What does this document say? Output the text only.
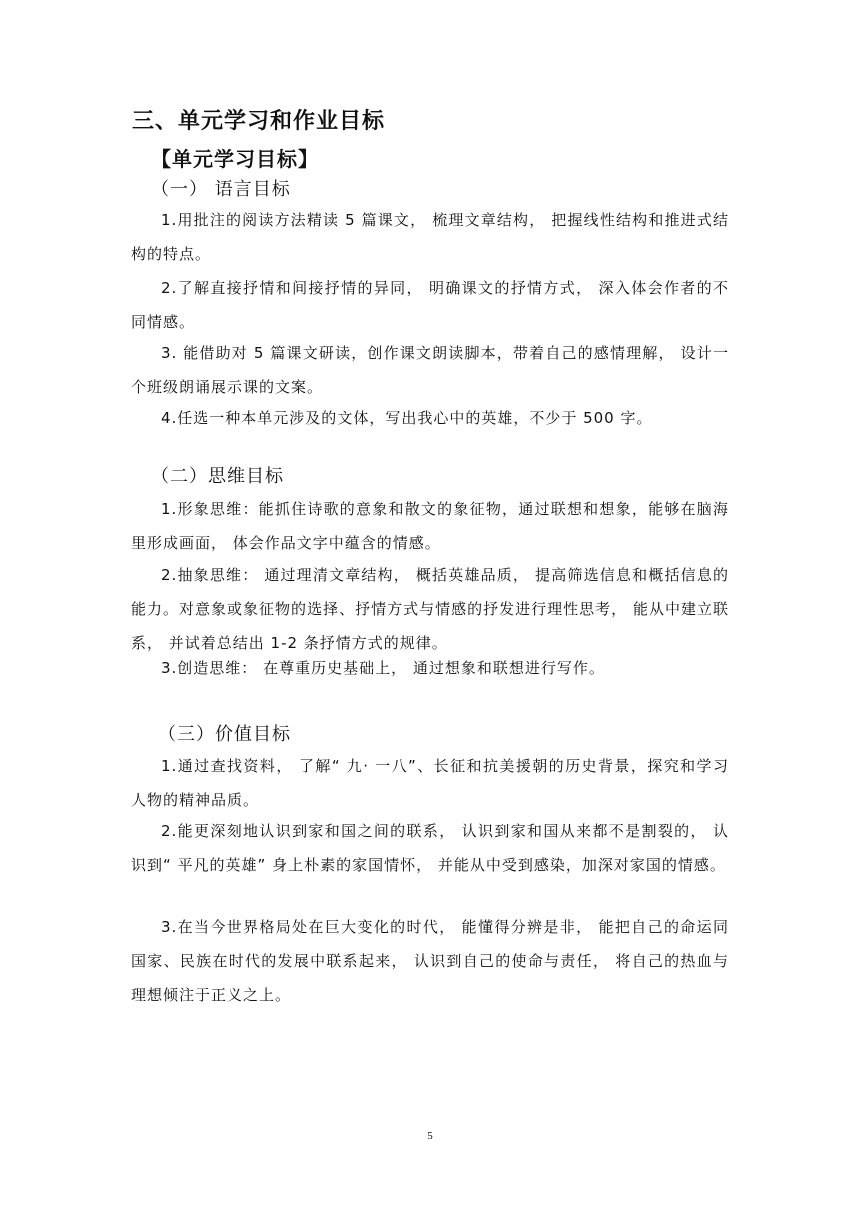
三、单元学习和作业目标
【单元学习目标】
（一） 语言目标

1.用批注的阅读方法精读 5 篇课文， 梳理文章结构， 把握线性结构和推进式结构的特点。

2.了解直接抒情和间接抒情的异同， 明确课文的抒情方式， 深入体会作者的不同情感。

3. 能借助对 5 篇课文研读，创作课文朗读脚本，带着自己的感情理解， 设计一个班级朗诵展示课的文案。

4.任选一种本单元涉及的文体，写出我心中的英雄，不少于 500 字。

（二）思维目标

1.形象思维：能抓住诗歌的意象和散文的象征物，通过联想和想象，能够在脑海里形成画面， 体会作品文字中蕴含的情感。

2.抽象思维： 通过理清文章结构， 概括英雄品质， 提高筛选信息和概括信息的能力。对意象或象征物的选择、抒情方式与情感的抒发进行理性思考， 能从中建立联系， 并试着总结出 1-2 条抒情方式的规律。

3.创造思维： 在尊重历史基础上， 通过想象和联想进行写作。

（三）价值目标

1.通过查找资料， 了解“ 九· 一八”、长征和抗美援朝的历史背景，探究和学习人物的精神品质。

2.能更深刻地认识到家和国之间的联系， 认识到家和国从来都不是割裂的， 认识到“ 平凡的英雄” 身上朴素的家国情怀， 并能从中受到感染，加深对家国的情感。

3.在当今世界格局处在巨大变化的时代， 能懂得分辨是非， 能把自己的命运同国家、民族在时代的发展中联系起来， 认识到自己的使命与责任， 将自己的热血与理想倾注于正义之上。

5
